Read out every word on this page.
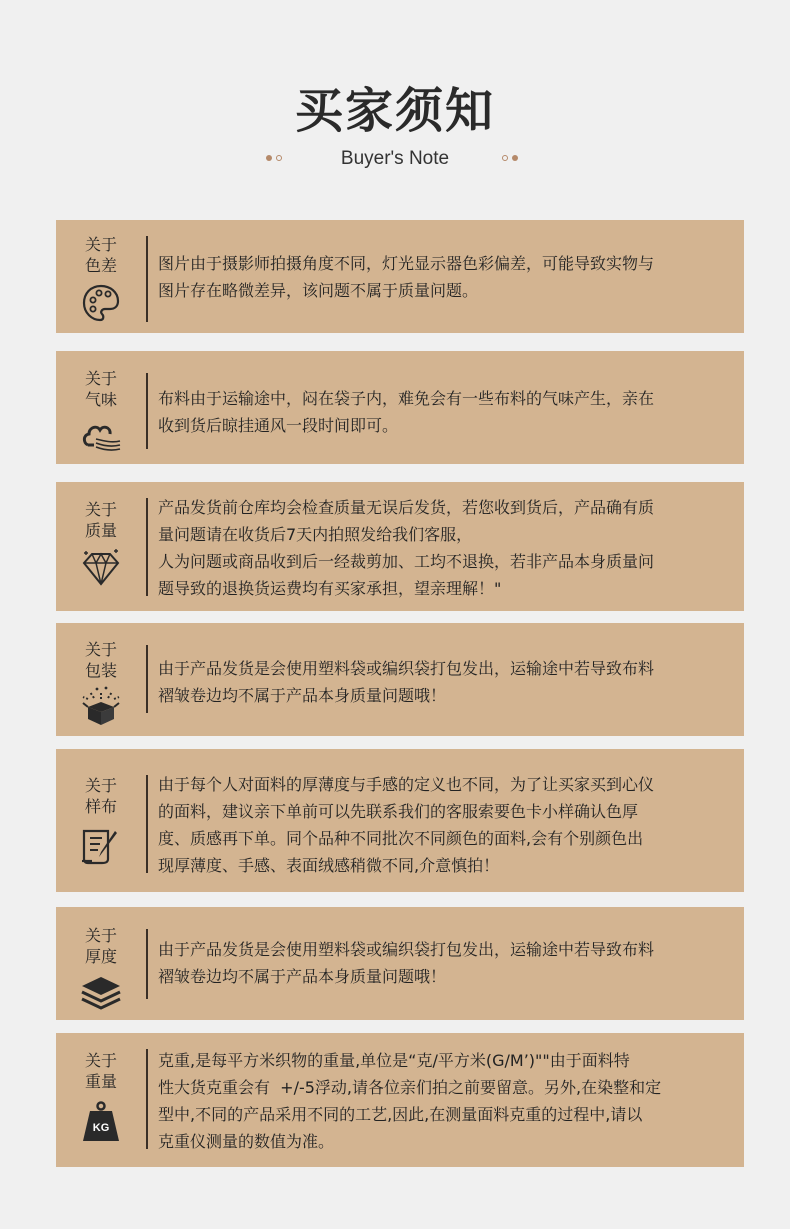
买家须知
Buyer's Note
关于
色差	图片由于摄影师拍摄角度不同，灯光显示器色彩偏差，可能导致实物与
图片存在略微差异，该问题不属于质量问题。
关于
气味	布料由于运输途中，闷在袋子内，难免会有一些布料的气味产生，亲在
收到货后晾挂通风一段时间即可。
关于
质量
产品发货前仓库均会检查质量无误后发货，若您收到货后，产品确有质
量问题请在收货后7天内拍照发给我们客服，
人为问题或商品收到后一经裁剪加、工均不退换，若非产品本身质量问
题导致的退换货运费均有买家承担，望亲理解！"
关于
包装	由于产品发货是会使用塑料袋或编织袋打包发出，运输途中若导致布料
褶皱卷边均不属于产品本身质量问题哦！
关于
样布
由于每个人对面料的厚薄度与手感的定义也不同，为了让买家买到心仪
的面料，建议亲下单前可以先联系我们的客服索要色卡小样确认色厚
度、质感再下单。同个品种不同批次不同颜色的面料,会有个别颜色出
现厚薄度、手感、表面绒感稍微不同,介意慎拍！
关于
厚度	由于产品发货是会使用塑料袋或编织袋打包发出，运输途中若导致布料
褶皱卷边均不属于产品本身质量问题哦！
关于
重量
KG
克重,是每平方米织物的重量,单位是“克/平方米(G/M’)""由于面料特
性大货克重会有  +/-5浮动,请各位亲们拍之前要留意。另外,在染整和定
型中,不同的产品采用不同的工艺,因此,在测量面料克重的过程中,请以
克重仪测量的数值为准。
